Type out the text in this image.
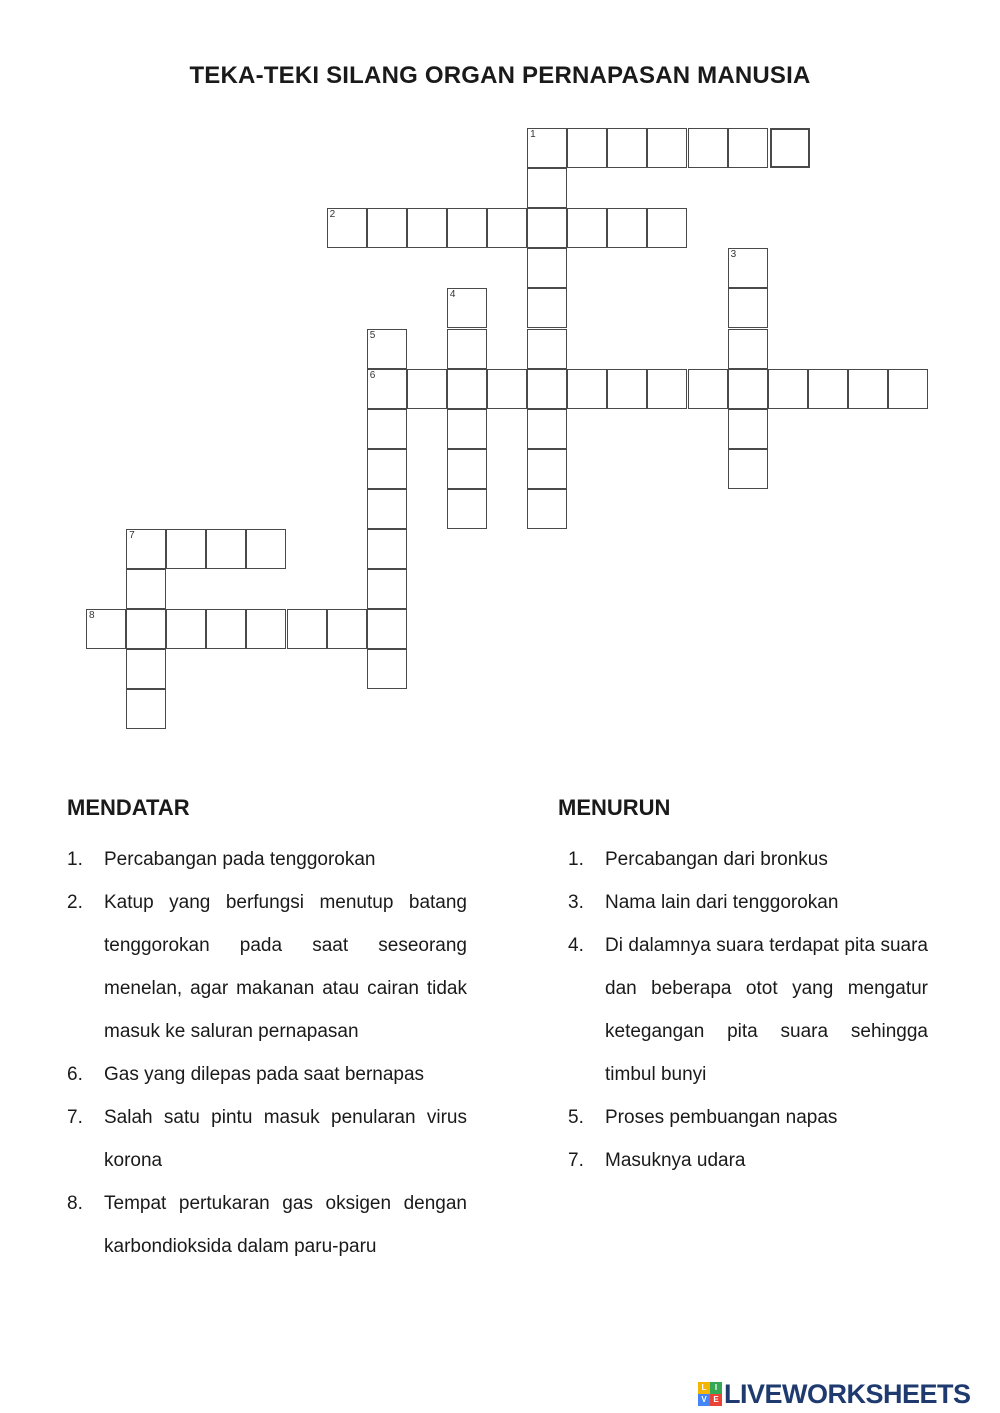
TEKA-TEKI SILANG ORGAN PERNAPASAN MANUSIA
1
2
3
4
5
6
7
8
MENDATAR
1.	Percabangan pada tenggorokan
2.	Katup yang berfungsi menutup batang tenggorokan pada saat seseorang menelan, agar makanan atau cairan tidak masuk ke saluran pernapasan
6.	Gas yang dilepas pada saat bernapas
7.	Salah satu pintu masuk penularan virus korona
8.	Tempat pertukaran gas oksigen dengan karbondioksida dalam paru-paru
MENURUN
1.	Percabangan dari bronkus
3.	Nama lain dari tenggorokan
4.	Di dalamnya suara terdapat pita suara dan beberapa otot yang mengatur ketegangan pita suara sehingga timbul bunyi
5.	Proses pembuangan napas
7.	Masuknya udara
L	I
V E LIVEWORKSHEETS
